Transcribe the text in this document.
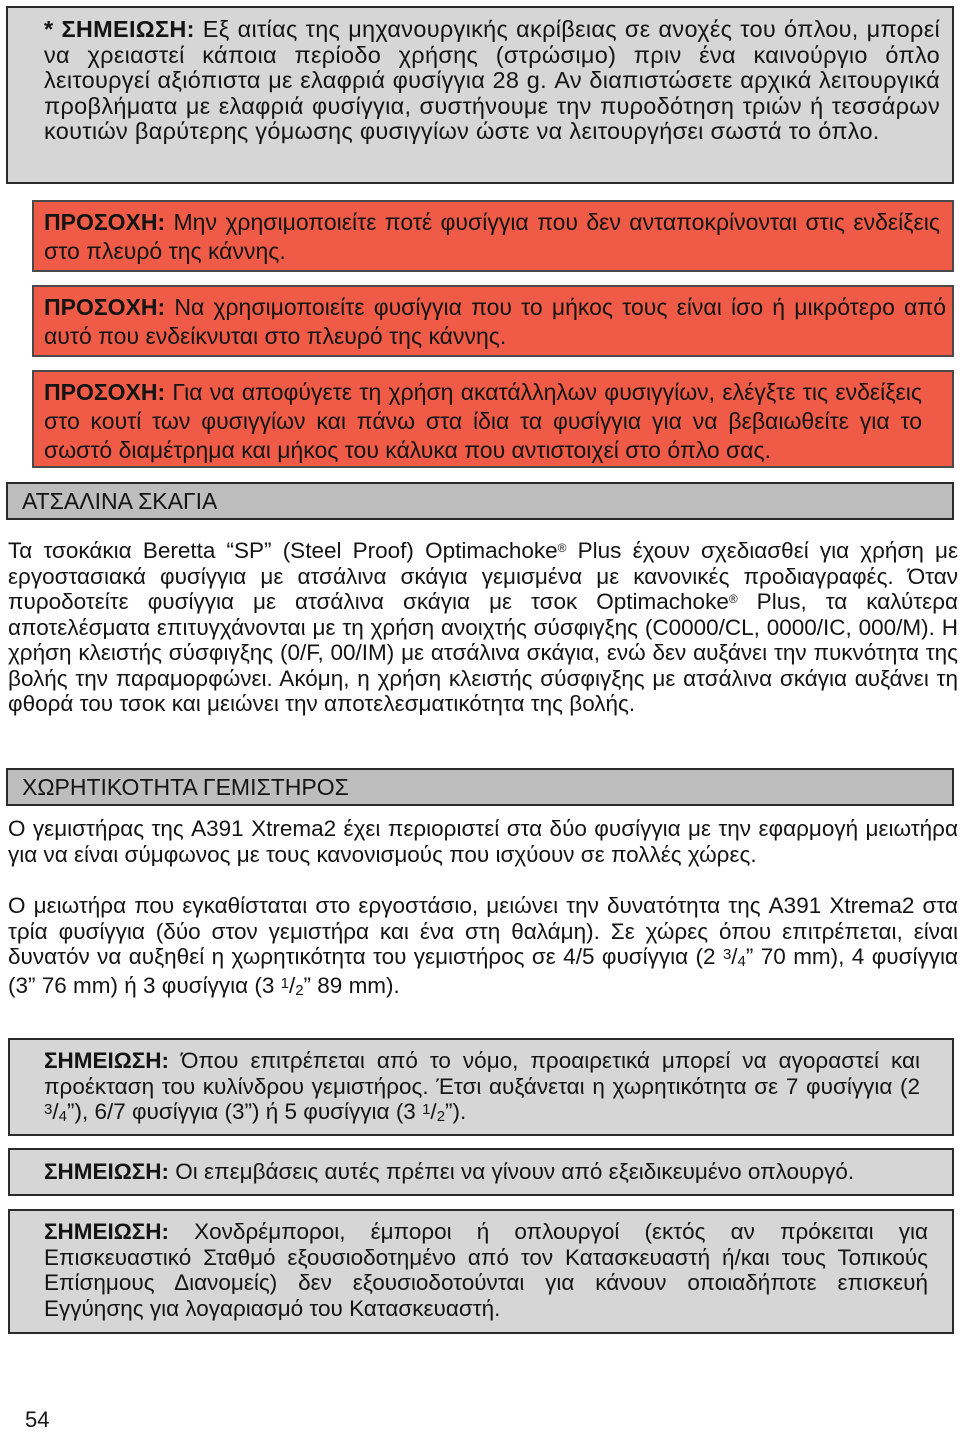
* ΣΗΜΕΙΩΣΗ: Εξ αιτίας της μηχανουργικής ακρίβειας σε ανοχές του όπλου, μπορεί να χρειαστεί κάποια περίοδο χρήσης (στρώσιμο) πριν ένα καινούργιο όπλο λειτουργεί αξιόπιστα με ελαφριά φυσίγγια 28 g. Αν διαπιστώσετε αρχικά λειτουργικά προβλήματα με ελαφριά φυσίγγια, συστήνουμε την πυροδότηση τριών ή τεσσάρων κουτιών βαρύτερης γόμωσης φυσιγγίων ώστε να λειτουργήσει σωστά το όπλο.

ΠΡΟΣΟΧΗ: Μην χρησιμοποιείτε ποτέ φυσίγγια που δεν ανταποκρίνονται στις ενδείξεις στο πλευρό της κάννης.

ΠΡΟΣΟΧΗ: Να χρησιμοποιείτε φυσίγγια που το μήκος τους είναι ίσο ή μικρότερο από αυτό που ενδείκνυται στο πλευρό της κάννης.

ΠΡΟΣΟΧΗ: Για να αποφύγετε τη χρήση ακατάλληλων φυσιγγίων, ελέγξτε τις ενδείξεις στο κουτί των φυσιγγίων και πάνω στα ίδια τα φυσίγγια για να βεβαιωθείτε για το σωστό διαμέτρημα και μήκος του κάλυκα που αντιστοιχεί στο όπλο σας.

ΑΤΣΑΛΙΝΑ ΣΚΑΓΙΑ

Τα τσοκάκια Beretta “SP” (Steel Proof) Optimachoke® Plus έχουν σχεδιασθεί για χρήση με εργοστασιακά φυσίγγια με ατσάλινα σκάγια γεμισμένα με κανονικές προδιαγραφές. Όταν πυροδοτείτε φυσίγγια με ατσάλινα σκάγια με τσοκ Optimachoke® Plus, τα καλύτερα αποτελέσματα επιτυγχάνονται με τη χρήση ανοιχτής σύσφιγξης (C0000/CL, 0000/IC, 000/M). Η χρήση κλειστής σύσφιγξης (0/F, 00/IM) με ατσάλινα σκάγια, ενώ δεν αυξάνει την πυκνότητα της βολής την παραμορφώνει. Ακόμη, η χρήση κλειστής σύσφιγξης με ατσάλινα σκάγια αυξάνει τη φθορά του τσοκ και μειώνει την αποτελεσματικότητα της βολής.

ΧΩΡΗΤΙΚΟΤΗΤΑ ΓΕΜΙΣΤΗΡΟΣ

Ο γεμιστήρας της A391 Xtrema2 έχει περιοριστεί στα δύο φυσίγγια με την εφαρμογή μειωτήρα για να είναι σύμφωνος με τους κανονισμούς που ισχύουν σε πολλές χώρες.

Ο μειωτήρα που εγκαθίσταται στο εργοστάσιο, μειώνει την δυνατότητα της A391 Xtrema2 στα τρία φυσίγγια (δύο στον γεμιστήρα και ένα στη θαλάμη). Σε χώρες όπου επιτρέπεται, είναι δυνατόν να αυξηθεί η χωρητικότητα του γεμιστήρος σε 4/5 φυσίγγια (2 $^3$/4” 70 mm), 4 φυσίγγια (3” 76 mm) ή 3 φυσίγγια (3 $^1$/2” 89 mm).

ΣΗΜΕΙΩΣΗ: Όπου επιτρέπεται από το νόμο, προαιρετικά μπορεί να αγοραστεί και προέκταση του κυλίνδρου γεμιστήρος. Έτσι αυξάνεται η χωρητικότητα σε 7 φυσίγγια (2 $^3$/4”), 6/7 φυσίγγια (3”) ή 5 φυσίγγια (3 $^1$/2”).

ΣΗΜΕΙΩΣΗ: Οι επεμβάσεις αυτές πρέπει να γίνουν από εξειδικευμένο οπλουργό.

ΣΗΜΕΙΩΣΗ: Χονδρέμποροι, έμποροι ή οπλουργοί (εκτός αν πρόκειται για Επισκευαστικό Σταθμό εξουσιοδοτημένο από τον Κατασκευαστή ή/και τους Τοπικούς Επίσημους Διανομείς) δεν εξουσιοδοτούνται για κάνουν οποιαδήποτε επισκευή Εγγύησης για λογαριασμό του Κατασκευαστή.

54
